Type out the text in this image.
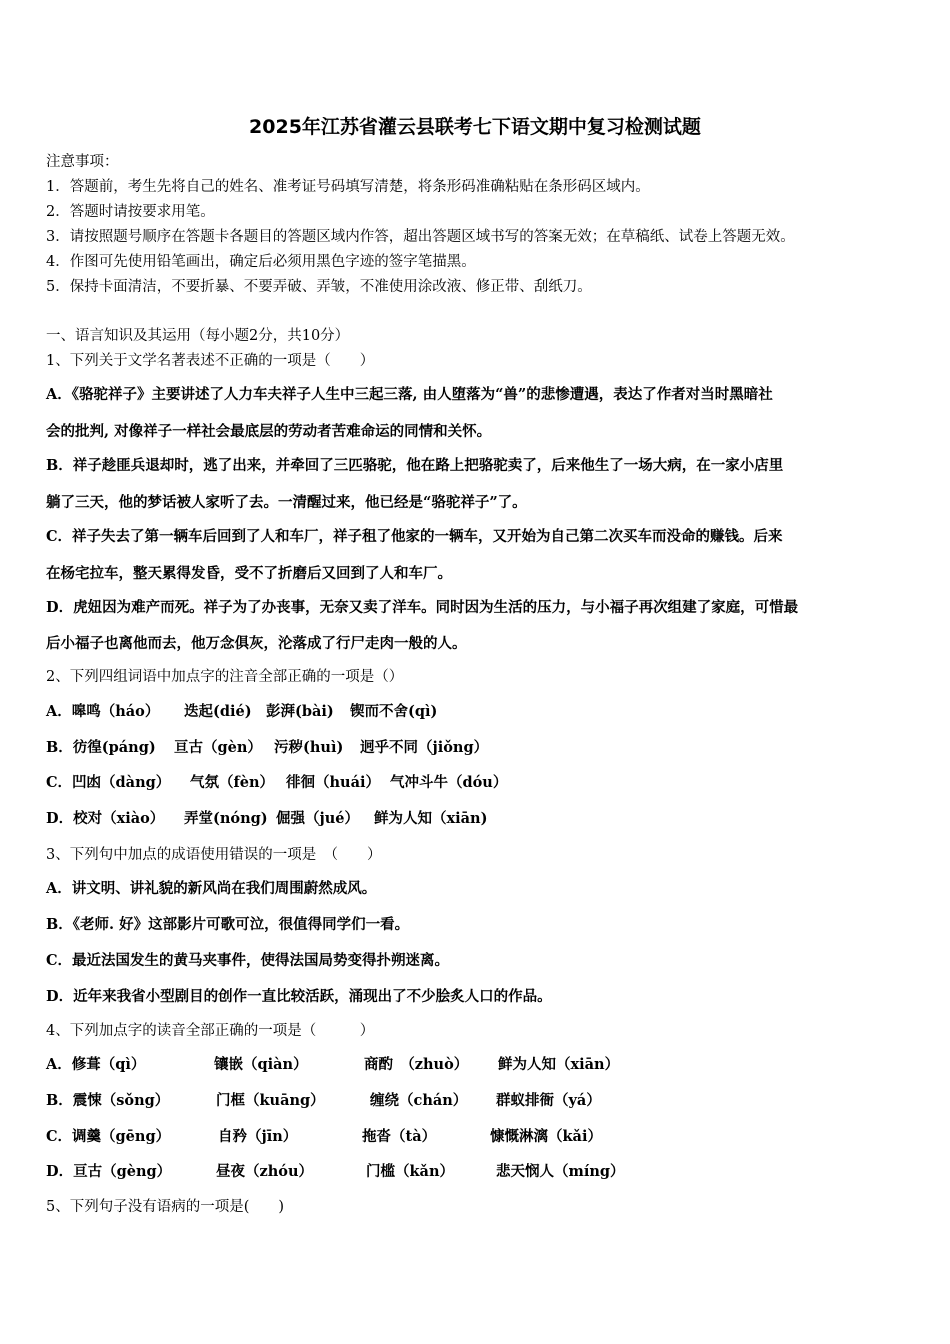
2025年江苏省灌云县联考七下语文期中复习检测试题
注意事项：
1．答题前，考生先将自己的姓名、准考证号码填写清楚，将条形码准确粘贴在条形码区域内。
2．答题时请按要求用笔。
3．请按照题号顺序在答题卡各题目的答题区域内作答，超出答题区域书写的答案无效；在草稿纸、试卷上答题无效。
4．作图可先使用铅笔画出，确定后必须用黑色字迹的签字笔描黑。
5．保持卡面清洁，不要折暴、不要弄破、弄皱，不准使用涂改液、修正带、刮纸刀。
一、语言知识及其运用（每小题2分，共10分）
1、下列关于文学名著表述不正确的一项是（　　）
A．《骆驼祥子》主要讲述了人力车夫祥子人生中三起三落, 由人堕落为“兽”的悲惨遭遇，表达了作者对当时黑暗社
会的批判, 对像祥子一样社会最底层的劳动者苦难命运的同情和关怀。
B．祥子趁匪兵退却时，逃了出来，并牵回了三匹骆驼，他在路上把骆驼卖了，后来他生了一场大病，在一家小店里
躺了三天，他的梦话被人家听了去。一清醒过来，他已经是“骆驼祥子”了。
C．祥子失去了第一辆车后回到了人和车厂，祥子租了他家的一辆车，又开始为自己第二次买车而没命的赚钱。后来
在杨宅拉车，整天累得发昏，受不了折磨后又回到了人和车厂。
D．虎妞因为难产而死。祥子为了办丧事，无奈又卖了洋车。同时因为生活的压力，与小福子再次组建了家庭，可惜最
后小福子也离他而去，他万念俱灰，沦落成了行尸走肉一般的人。
2、下列四组词语中加点字的注音全部正确的一项是（）
A．嗥鸣（háo） 迭起(dié) 彭湃(bài) 锲而不舍(qì)
B．彷徨(páng) 亘古（gèn） 污秽(huì) 迥乎不同（jiǒng）
C．凹凼（dàng） 气氛（fèn） 徘徊（huái） 气冲斗牛（dóu）
D．校对（xiào） 弄堂(nóng) 倔强（jué） 鲜为人知（xiān)
3、下列句中加点的成语使用错误的一项是　（　　）
A．讲文明、讲礼貌的新风尚在我们周围蔚然成风。
B．《老师. 好》这部影片可歌可泣，很值得同学们一看。
C．最近法国发生的黄马夹事件，使得法国局势变得扑朔迷离。
D．近年来我省小型剧目的创作一直比较活跃，涌现出了不少脍炙人口的作品。
4、下列加点字的读音全部正确的一项是（　　　）
A．修葺（qì）	镶嵌（qiàn）	商酌　（zhuò） 鲜为人知（xiān）
B．震悚（sǒng）	门框（kuāng）	缠绕（chán） 群蚁排衙（yá）
C．调羹（gēng）	自矜（jīn）	拖沓（tà）	慷慨淋漓（kǎi）
D．亘古（gèng）	昼夜（zhóu）	门槛（kǎn）	悲天悯人（míng）
5、下列句子没有语病的一项是(　　)
